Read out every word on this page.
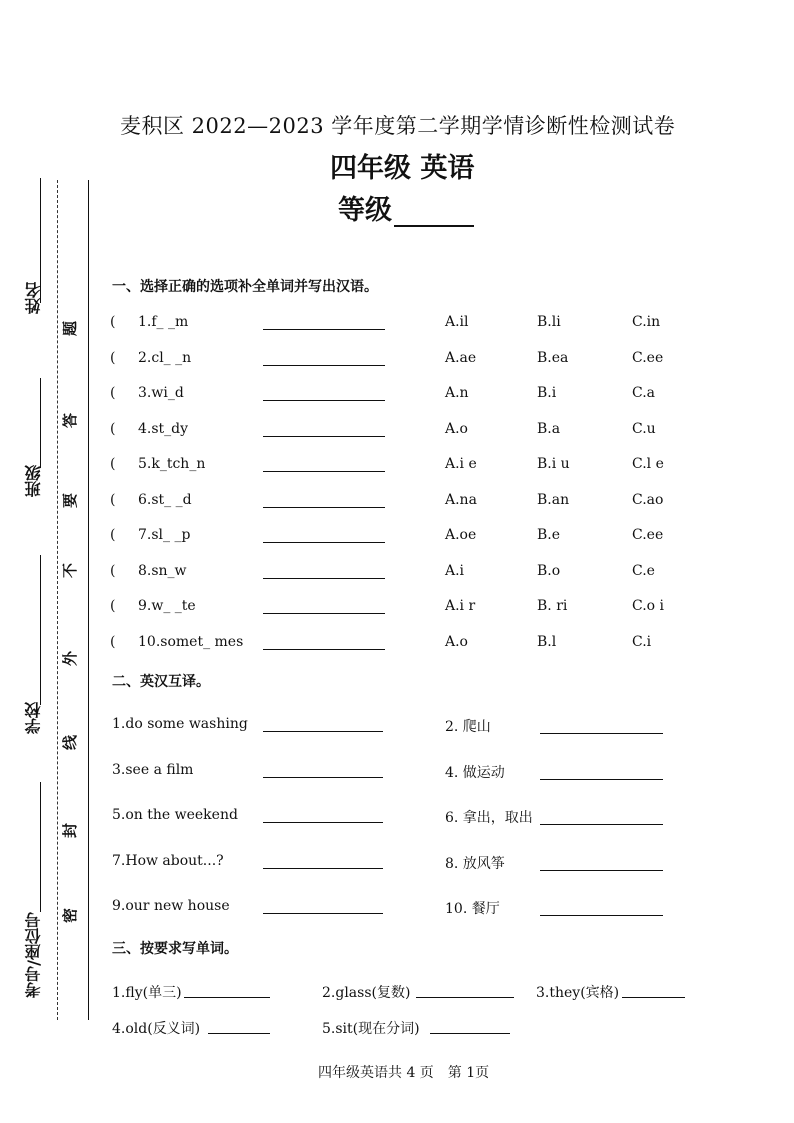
麦积区 2022—2023 学年度第二学期学情诊断性检测试卷
四年级 英语
等级
姓名
班级
学校
考号/座位号
题
答
要
不
外
线
封
密
一、选择正确的选项补全单词并写出汉语。
( 1.f_ _m	A.il	B.li	C.in
( 2.cl_ _n	A.ae	B.ea	C.ee
( 3.wi_d	A.n	B.i	C.a
( 4.st_dy	A.o	B.a	C.u
( 5.k_tch_n	A.i e	B.i u	C.l e
( 6.st_ _d	A.na	B.an	C.ao
( 7.sl_ _p	A.oe	B.e	C.ee
( 8.sn_w	A.i	B.o	C.e
( 9.w_ _te	A.i r	B. ri	C.o i
( 10.somet_ mes	A.o	B.l	C.i
二、英汉互译。
1.do some washing	2. 爬山
3.see a film	4. 做运动
5.on the weekend	6. 拿出，取出
7.How about...?	8. 放风筝
9.our new house	10. 餐厅
三、按要求写单词。
1.fly(单三)	2.glass(复数)	3.they(宾格)
4.old(反义词)	5.sit(现在分词)
四年级英语共 4 页　第 1页
